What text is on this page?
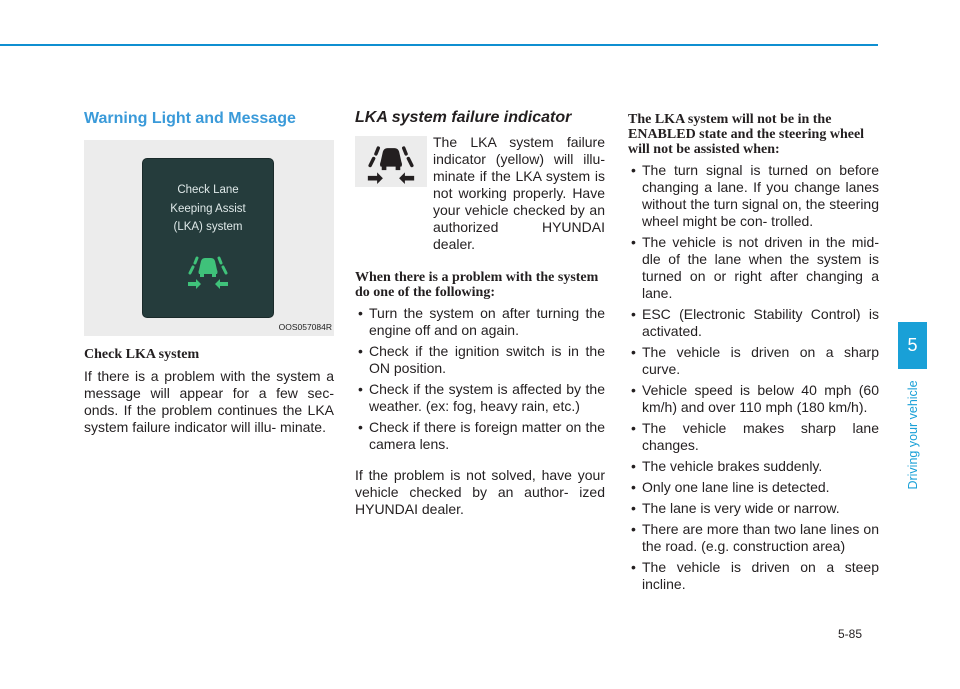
Warning Light and Message
Check Lane
Keeping Assist
(LKA) system
OOS057084R

Check LKA system

If there is a problem with the system a message will appear for a few sec- onds. If the problem continues the LKA system failure indicator will illu- minate.

LKA system failure indicator

The LKA system failure indicator (yellow) will illu- minate if the LKA system is not working properly. Have your vehicle checked by an authorized HYUNDAI dealer.

When there is a problem with the system do one of the following:

• Turn the system on after turning the engine off and on again.
• Check if the ignition switch is in the ON position.
• Check if the system is affected by the weather. (ex: fog, heavy rain, etc.)
• Check if there is foreign matter on the camera lens.

If the problem is not solved, have your vehicle checked by an author- ized HYUNDAI dealer.

The LKA system will not be in the ENABLED state and the steering wheel will not be assisted when:

• The turn signal is turned on before changing a lane. If you change lanes without the turn signal on, the steering wheel might be con- trolled.
• The vehicle is not driven in the mid- dle of the lane when the system is turned on or right after changing a lane.
• ESC (Electronic Stability Control) is activated.
• The vehicle is driven on a sharp curve.
• Vehicle speed is below 40 mph (60 km/h) and over 110 mph (180 km/h).
• The vehicle makes sharp lane changes.
• The vehicle brakes suddenly.
• Only one lane line is detected.
• The lane is very wide or narrow.
• There are more than two lane lines on the road. (e.g. construction area)
• The vehicle is driven on a steep incline.
5
Driving your vehicle
5-85
